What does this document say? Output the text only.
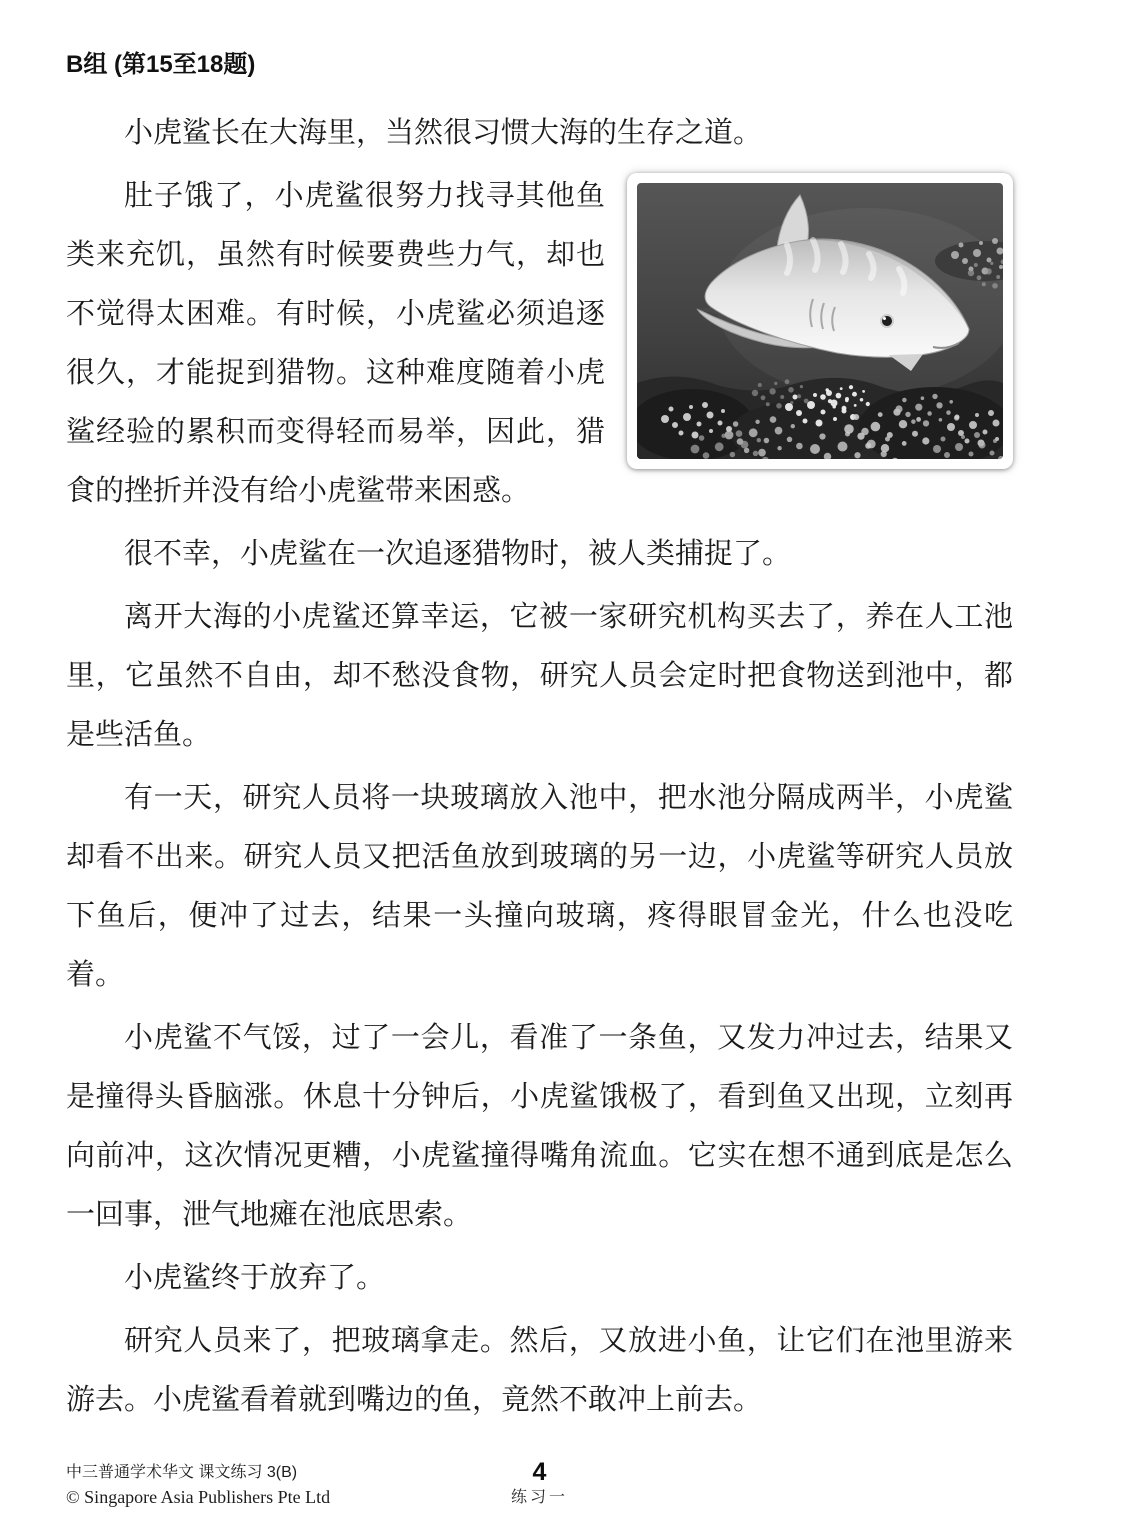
B组 (第15至18题)

小虎鲨长在大海里，当然很习惯大海的生存之道。

肚子饿了，小虎鲨很努力找寻其他鱼类来充饥，虽然有时候要费些力气，却也不觉得太困难。有时候，小虎鲨必须追逐很久，才能捉到猎物。这种难度随着小虎鲨经验的累积而变得轻而易举，因此，猎食的挫折并没有给小虎鲨带来困惑。

很不幸，小虎鲨在一次追逐猎物时，被人类捕捉了。

离开大海的小虎鲨还算幸运，它被一家研究机构买去了，养在人工池里，它虽然不自由，却不愁没食物，研究人员会定时把食物送到池中，都是些活鱼。

有一天，研究人员将一块玻璃放入池中，把水池分隔成两半，小虎鲨却看不出来。研究人员又把活鱼放到玻璃的另一边，小虎鲨等研究人员放下鱼后，便冲了过去，结果一头撞向玻璃，疼得眼冒金光，什么也没吃着。

小虎鲨不气馁，过了一会儿，看准了一条鱼，又发力冲过去，结果又是撞得头昏脑涨。休息十分钟后，小虎鲨饿极了，看到鱼又出现，立刻再向前冲，这次情况更糟，小虎鲨撞得嘴角流血。它实在想不通到底是怎么一回事，泄气地瘫在池底思索。

小虎鲨终于放弃了。

研究人员来了，把玻璃拿走。然后，又放进小鱼，让它们在池里游来游去。小虎鲨看着就到嘴边的鱼，竟然不敢冲上前去。

中三普通学术华文 课文练习 3(B)
© Singapore Asia Publishers Pte Ltd
4
练习一
